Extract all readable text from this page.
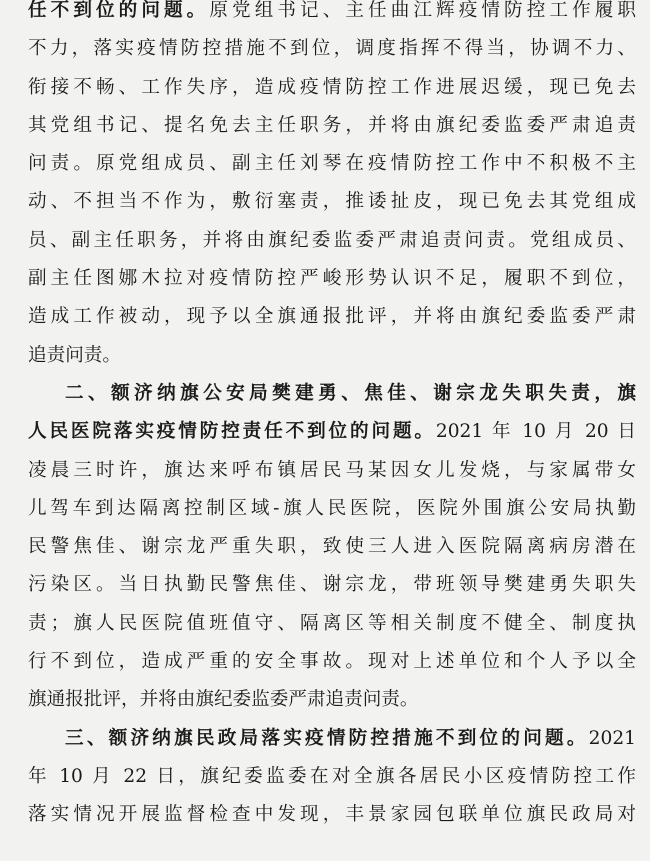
任不到位的问题。原党组书记、主任曲江辉疫情防控工作履职
不力，落实疫情防控措施不到位，调度指挥不得当，协调不力、
衔接不畅、工作失序，造成疫情防控工作进展迟缓，现已免去
其党组书记、提名免去主任职务，并将由旗纪委监委严肃追责
问责。原党组成员、副主任刘琴在疫情防控工作中不积极不主
动、不担当不作为，敷衍塞责，推诿扯皮，现已免去其党组成
员、副主任职务，并将由旗纪委监委严肃追责问责。党组成员、
副主任图娜木拉对疫情防控严峻形势认识不足，履职不到位，
造成工作被动，现予以全旗通报批评，并将由旗纪委监委严肃
追责问责。
二、额济纳旗公安局樊建勇、焦佳、谢宗龙失职失责，旗
人民医院落实疫情防控责任不到位的问题。2021 年 10 月 20 日
凌晨三时许，旗达来呼布镇居民马某因女儿发烧，与家属带女
儿驾车到达隔离控制区域-旗人民医院，医院外围旗公安局执勤
民警焦佳、谢宗龙严重失职，致使三人进入医院隔离病房潜在
污染区。当日执勤民警焦佳、谢宗龙，带班领导樊建勇失职失
责；旗人民医院值班值守、隔离区等相关制度不健全、制度执
行不到位，造成严重的安全事故。现对上述单位和个人予以全
旗通报批评，并将由旗纪委监委严肃追责问责。
三、额济纳旗民政局落实疫情防控措施不到位的问题。2021
年 10 月 22 日，旗纪委监委在对全旗各居民小区疫情防控工作
落实情况开展监督检查中发现，丰景家园包联单位旗民政局对
